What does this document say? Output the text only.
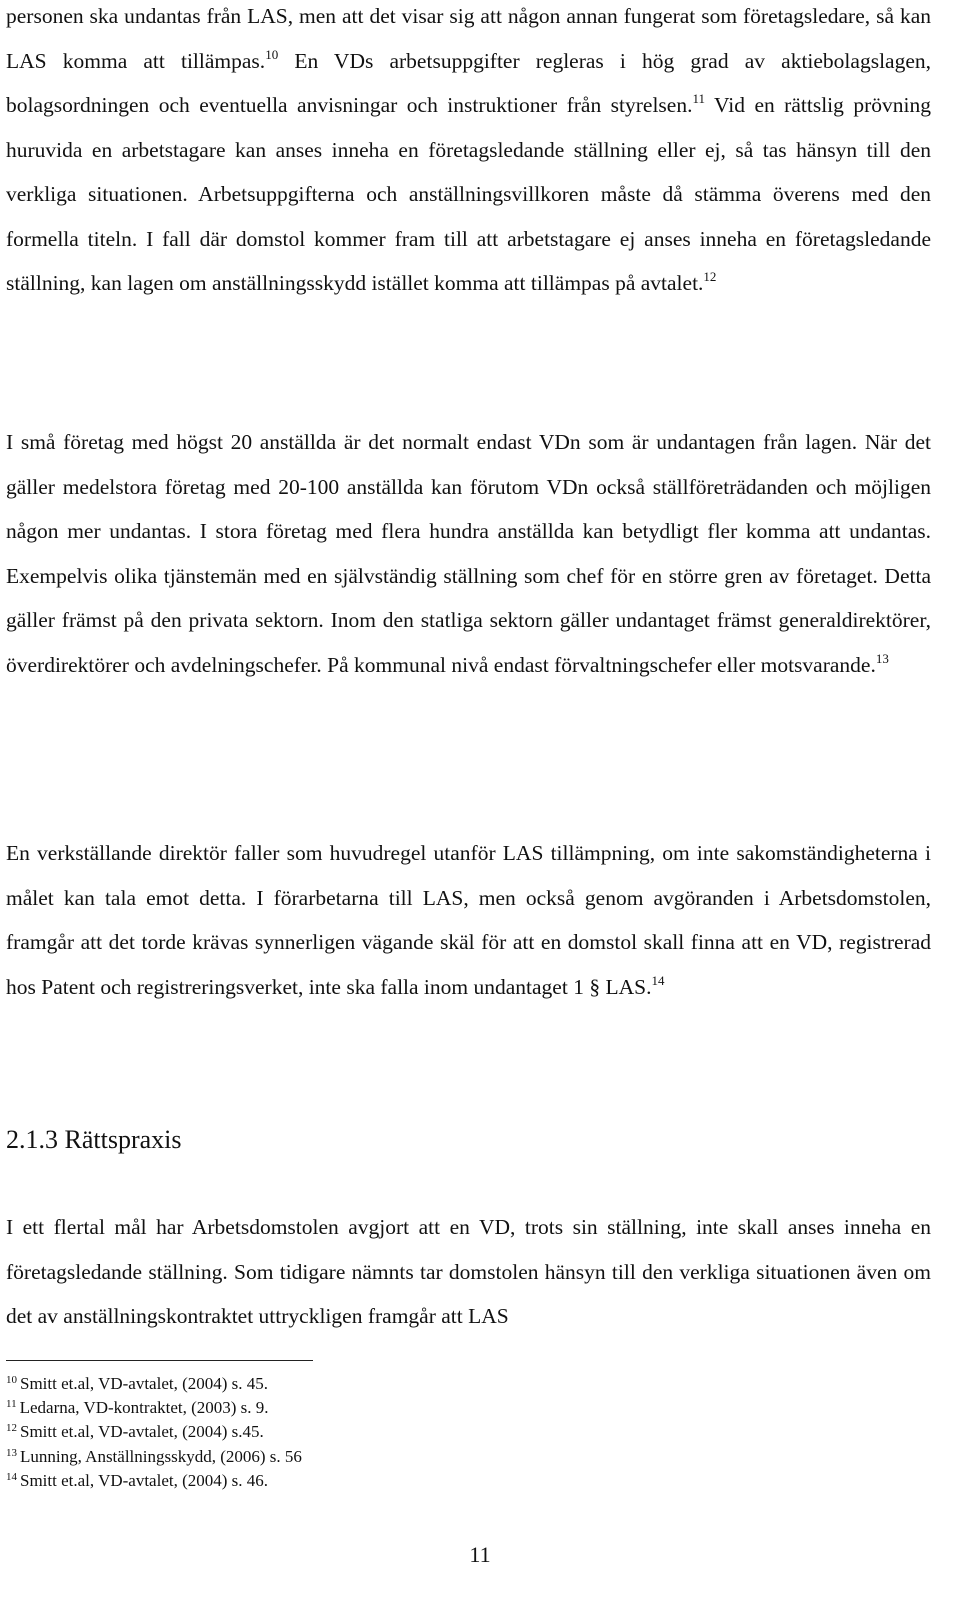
personen ska undantas från LAS, men att det visar sig att någon annan fungerat som företagsledare, så kan LAS komma att tillämpas.$^{10}$ En VDs arbetsuppgifter regleras i hög grad av aktiebolagslagen, bolagsordningen och eventuella anvisningar och instruktioner från styrelsen.$^{11}$ Vid en rättslig prövning huruvida en arbetstagare kan anses inneha en företagsledande ställning eller ej, så tas hänsyn till den verkliga situationen. Arbetsuppgifterna och anställningsvillkoren måste då stämma överens med den formella titeln. I fall där domstol kommer fram till att arbetstagare ej anses inneha en företagsledande ställning, kan lagen om anställningsskydd istället komma att tillämpas på avtalet.$^{12}$

I små företag med högst 20 anställda är det normalt endast VDn som är undantagen från lagen. När det gäller medelstora företag med 20-100 anställda kan förutom VDn också ställföreträdanden och möjligen någon mer undantas. I stora företag med flera hundra anställda kan betydligt fler komma att undantas. Exempelvis olika tjänstemän med en självständig ställning som chef för en större gren av företaget. Detta gäller främst på den privata sektorn. Inom den statliga sektorn gäller undantaget främst generaldirektörer, överdirektörer och avdelningschefer. På kommunal nivå endast förvaltningschefer eller motsvarande.$^{13}$

En verkställande direktör faller som huvudregel utanför LAS tillämpning, om inte sakomständigheterna i målet kan tala emot detta. I förarbetarna till LAS, men också genom avgöranden i Arbetsdomstolen, framgår att det torde krävas synnerligen vägande skäl för att en domstol skall finna att en VD, registrerad hos Patent och registreringsverket, inte ska falla inom undantaget 1 § LAS.$^{14}$

2.1.3 Rättspraxis

I ett flertal mål har Arbetsdomstolen avgjort att en VD, trots sin ställning, inte skall anses inneha en företagsledande ställning. Som tidigare nämnts tar domstolen hänsyn till den verkliga situationen även om det av anställningskontraktet uttryckligen framgår att LAS

$^{10}$ Smitt et.al, VD-avtalet, (2004) s. 45.

$^{11}$ Ledarna, VD-kontraktet, (2003) s. 9.

$^{12}$ Smitt et.al, VD-avtalet, (2004) s.45.

$^{13}$ Lunning, Anställningsskydd, (2006) s. 56

$^{14}$ Smitt et.al, VD-avtalet, (2004) s. 46.

11
